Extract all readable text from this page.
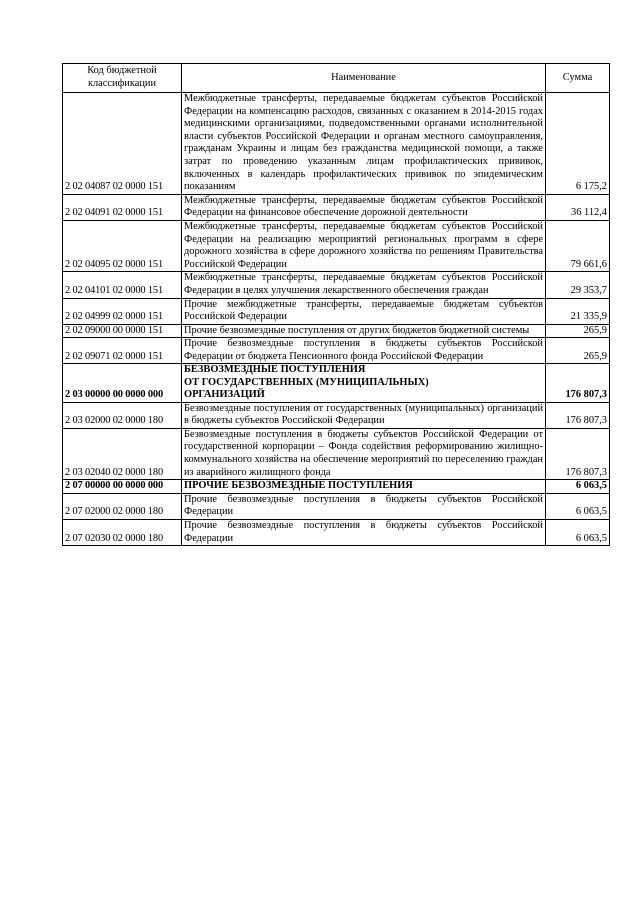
Код бюджетной классификации	Наименование	Сумма
2 02 04087 02 0000 151	Межбюджетные трансферты, передаваемые бюджетам субъектов Российской Федерации на компенсацию расходов, связанных с оказанием в 2014-2015 годах медицинскими организациями, подведомственными органами исполнительной власти субъектов Российской Федерации и органам местного самоуправления, гражданам Украины и лицам без гражданства медицинской помощи, а также затрат по проведению указанным лицам профилактических прививок, включенных в календарь профилактических прививок по эпидемическим показаниям	6 175,2
2 02 04091 02 0000 151	Межбюджетные трансферты, передаваемые бюджетам субъектов Российской Федерации на финансовое обеспечение дорожной деятельности	36 112,4
2 02 04095 02 0000 151	Межбюджетные трансферты, передаваемые бюджетам субъектов Российской Федерации на реализацию мероприятий региональных программ в сфере дорожного хозяйства в сфере дорожного хозяйства по решениям Правительства Российской Федерации	79 661,6
2 02 04101 02 0000 151	Межбюджетные трансферты, передаваемые бюджетам субъектов Российской Федерации в целях улучшения лекарственного обеспечения граждан	29 353,7
2 02 04999 02 0000 151	Прочие межбюджетные трансферты, передаваемые бюджетам субъектов Российской Федерации	21 335,9
2 02 09000 00 0000 151	Прочие безвозмездные поступления от других бюджетов бюджетной системы	265,9
2 02 09071 02 0000 151	Прочие безвозмездные поступления в бюджеты субъектов Российской Федерации от бюджета Пенсионного фонда Российской Федерации	265,9
2 03 00000 00 0000 000	БЕЗВОЗМЕЗДНЫЕ ПОСТУПЛЕНИЯ
ОТ ГОСУДАРСТВЕННЫХ (МУНИЦИПАЛЬНЫХ)
ОРГАНИЗАЦИЙ	176 807,3
2 03 02000 02 0000 180	Безвозмездные поступления от государственных (муниципальных) организаций в бюджеты субъектов Российской Федерации	176 807,3
2 03 02040 02 0000 180	Безвозмездные поступления в бюджеты субъектов Российской Федерации от государственной корпорации – Фонда содействия реформированию жилищно-коммунального хозяйства на обеспечение мероприятий по переселению граждан из аварийного жилищного фонда	176 807,3
2 07 00000 00 0000 000	ПРОЧИЕ БЕЗВОЗМЕЗДНЫЕ ПОСТУПЛЕНИЯ	6 063,5
2 07 02000 02 0000 180	Прочие безвозмездные поступления в бюджеты субъектов Российской Федерации	6 063,5
2 07 02030 02 0000 180	Прочие безвозмездные поступления в бюджеты субъектов Российской Федерации	6 063,5
